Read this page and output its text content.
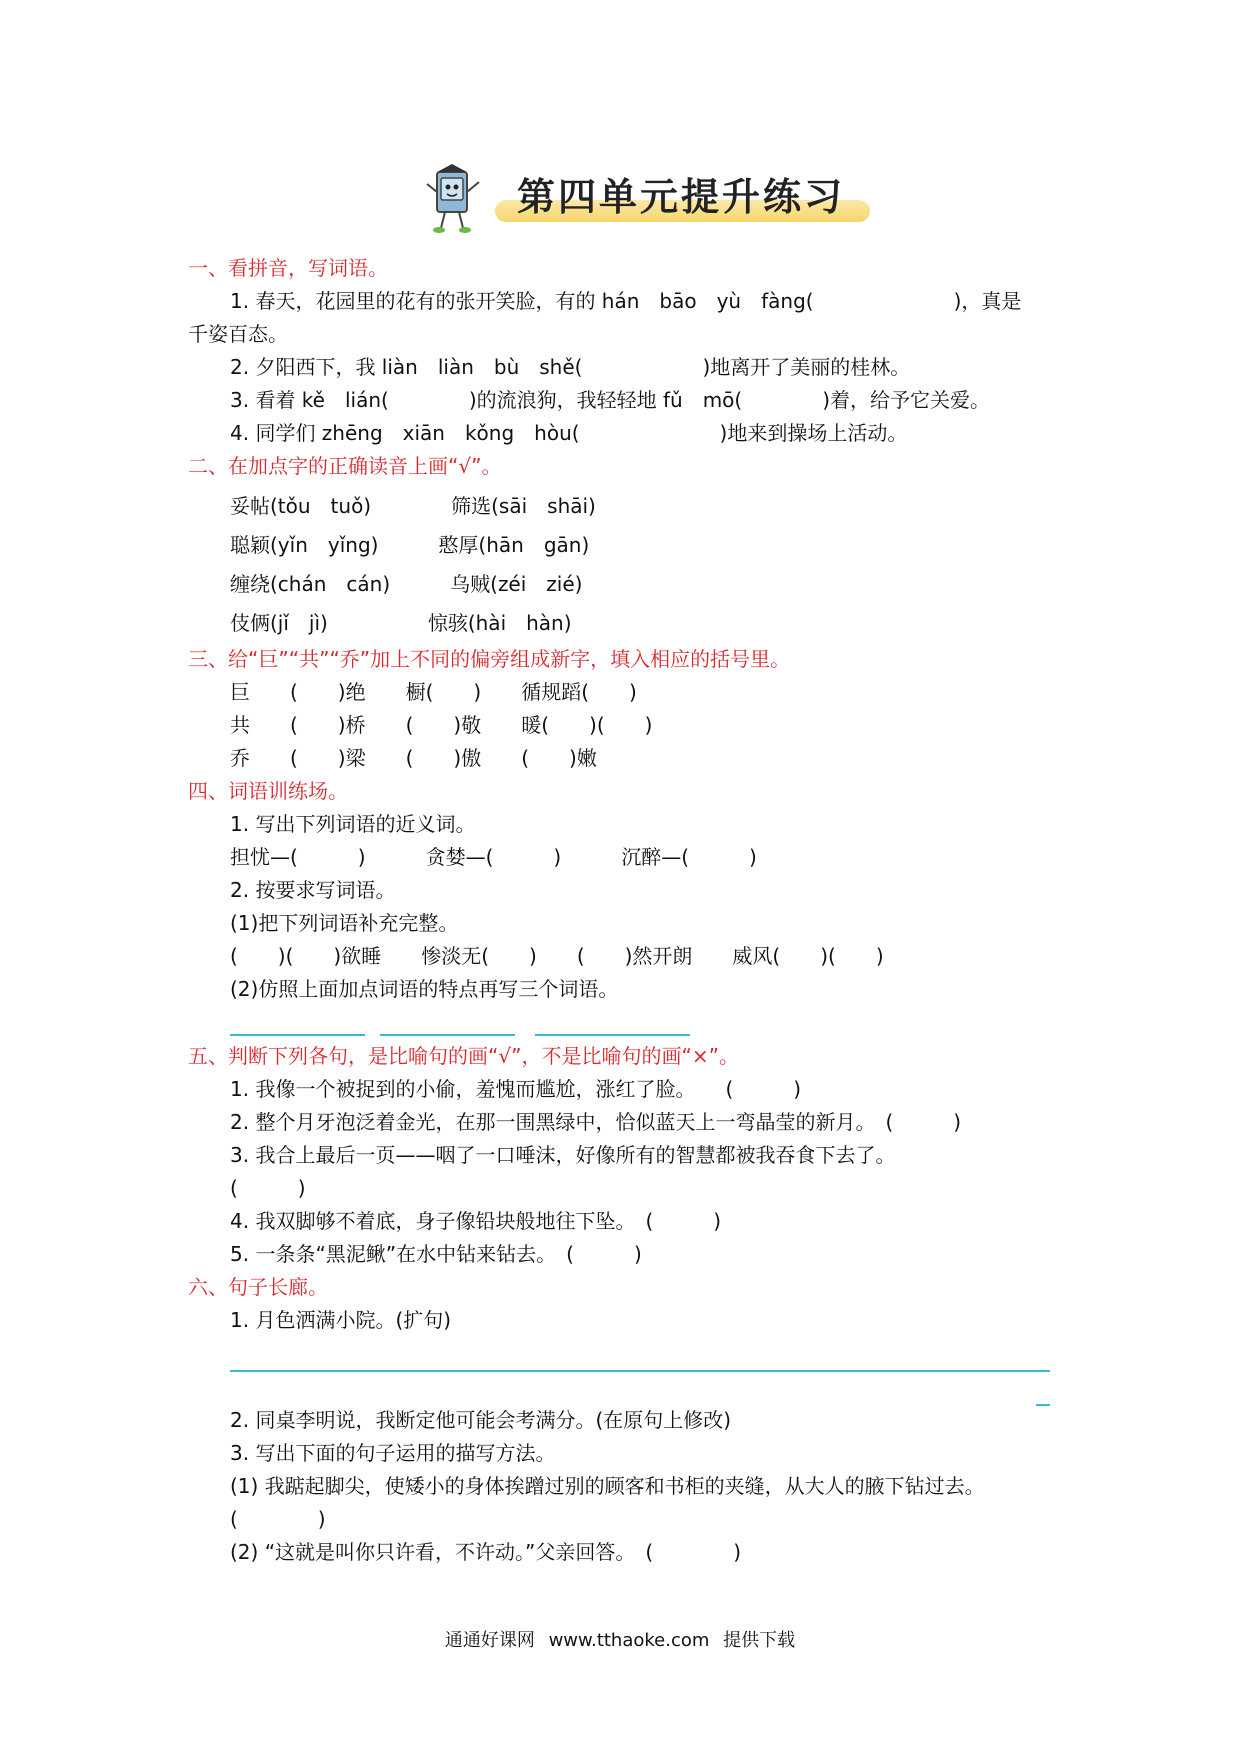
第四单元提升练习
一、看拼音，写词语。
1. 春天，花园里的花有的张开笑脸，有的 hán　bāo　yù　fàng(　　　　　　　)，真是
千姿百态。
2. 夕阳西下，我 liàn　liàn　bù　shě(　　　　　　)地离开了美丽的桂林。
3. 看着 kě　lián(　　　　)的流浪狗，我轻轻地 fǔ　mō(　　　　)着，给予它关爱。
4. 同学们 zhēng　xiān　kǒng　hòu(　　　　　　　)地来到操场上活动。
二、在加点字的正确读音上画“√”。
妥帖(tǒu　tuǒ)　　　　筛选(sāi　shāi)
聪颖(yǐn　yǐng)　　　憨厚(hān　gān)
缠绕(chán　cán)　　　乌贼(zéi　zié)
伎俩(jǐ　jì)　　　　　惊骇(hài　hàn)
三、给“巨”“共”“乔”加上不同的偏旁组成新字，填入相应的括号里。
巨　　(　　)绝　　橱(　　)　　循规蹈(　　)
共　　(　　)桥　　(　　)敬　　暖(　　)(　　)
乔　　(　　)梁　　(　　)傲　　(　　)嫩
四、词语训练场。
1. 写出下列词语的近义词。
担忧—(　　　)　　　贪婪—(　　　)　　　沉醉—(　　　)
2. 按要求写词语。
(1)把下列词语补充完整。
(　　)(　　)欲睡　　惨淡无(　　)　　(　　)然开朗　　威风(　　)(　　)
(2)仿照上面加点词语的特点再写三个词语。
五、判断下列各句，是比喻句的画“√”，不是比喻句的画“×”。
1. 我像一个被捉到的小偷，羞愧而尴尬，涨红了脸。　　(　　　)
2. 整个月牙泡泛着金光，在那一围黑绿中，恰似蓝天上一弯晶莹的新月。　(　　　)
3. 我合上最后一页——咽了一口唾沫，好像所有的智慧都被我吞食下去了。
(　　　)
4. 我双脚够不着底，身子像铅块般地往下坠。　(　　　)
5. 一条条“黑泥鳅”在水中钻来钻去。　(　　　)
六、句子长廊。
1. 月色洒满小院。(扩句)
2. 同桌李明说，我断定他可能会考满分。(在原句上修改)
3. 写出下面的句子运用的描写方法。
(1) 我踮起脚尖，使矮小的身体挨蹭过别的顾客和书柜的夹缝，从大人的腋下钻过去。
(　　　　)
(2) “这就是叫你只许看，不许动。”父亲回答。　(　　　　)
通通好课网 www.tthaoke.com 提供下载
